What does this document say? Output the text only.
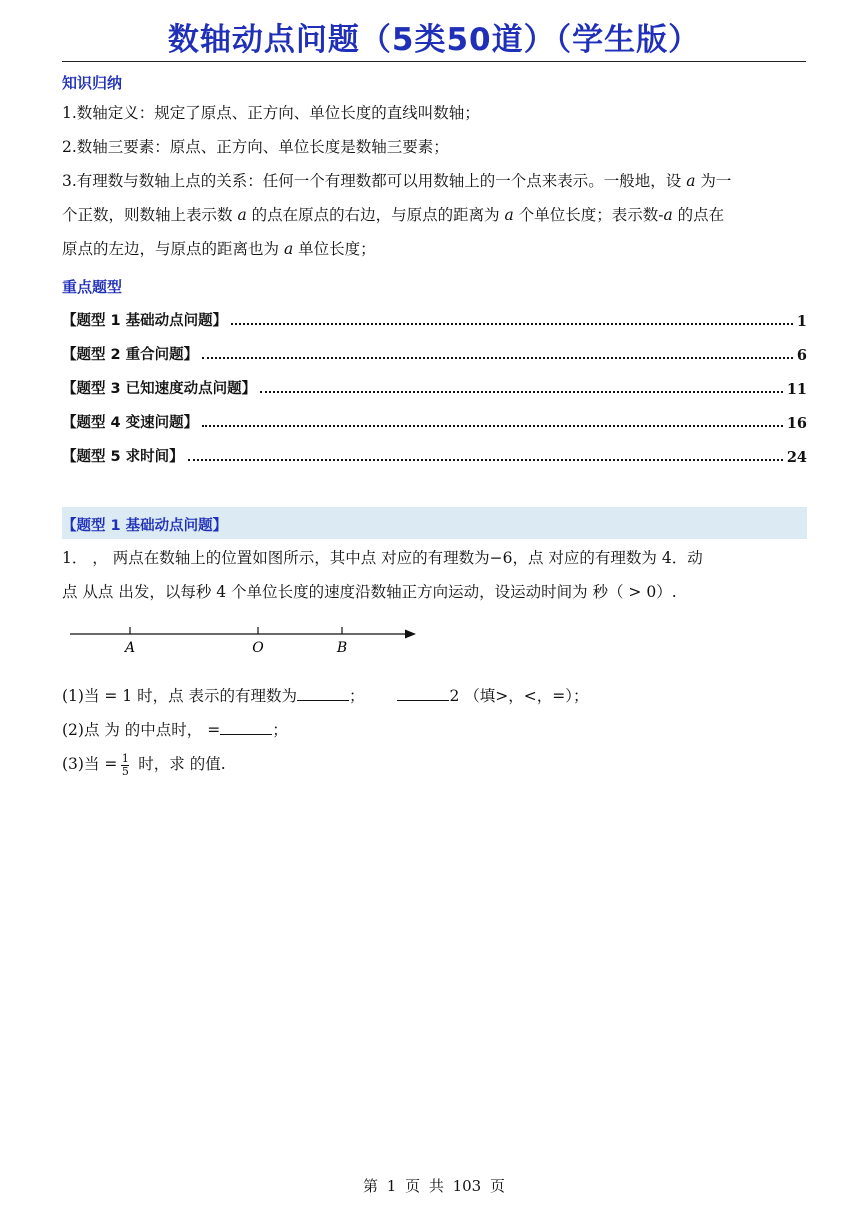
数轴动点问题（5类50道）（学生版）
知识归纳
1.数轴定义：规定了原点、正方向、单位长度的直线叫数轴；
2.数轴三要素：原点、正方向、单位长度是数轴三要素；
3.有理数与数轴上点的关系：任何一个有理数都可以用数轴上的一个点来表示。一般地，设 a 为一
个正数，则数轴上表示数 a 的点在原点的右边，与原点的距离为 a 个单位长度；表示数-a 的点在
原点的左边，与原点的距离也为 a 单位长度；
重点题型
【题型 1 基础动点问题】	1
【题型 2 重合问题】	6
【题型 3 已知速度动点问题】	11
【题型 4 变速问题】	16
【题型 5 求时间】	24
【题型 1 基础动点问题】
1． ， 两点在数轴上的位置如图所示，其中点 对应的有理数为−6，点 对应的有理数为 4．动
点 从点 出发，以每秒 4 个单位长度的速度沿数轴正方向运动，设运动时间为 秒（ > 0）.
A	O	B
(1)当 = 1 时，点 表示的有理数为	；	2 （填>，<，=）；
(2)点 为 的中点时， =	；
(3)当 = $\frac{1}{5}$ 时，求 的值.
第 1 页 共 103 页
